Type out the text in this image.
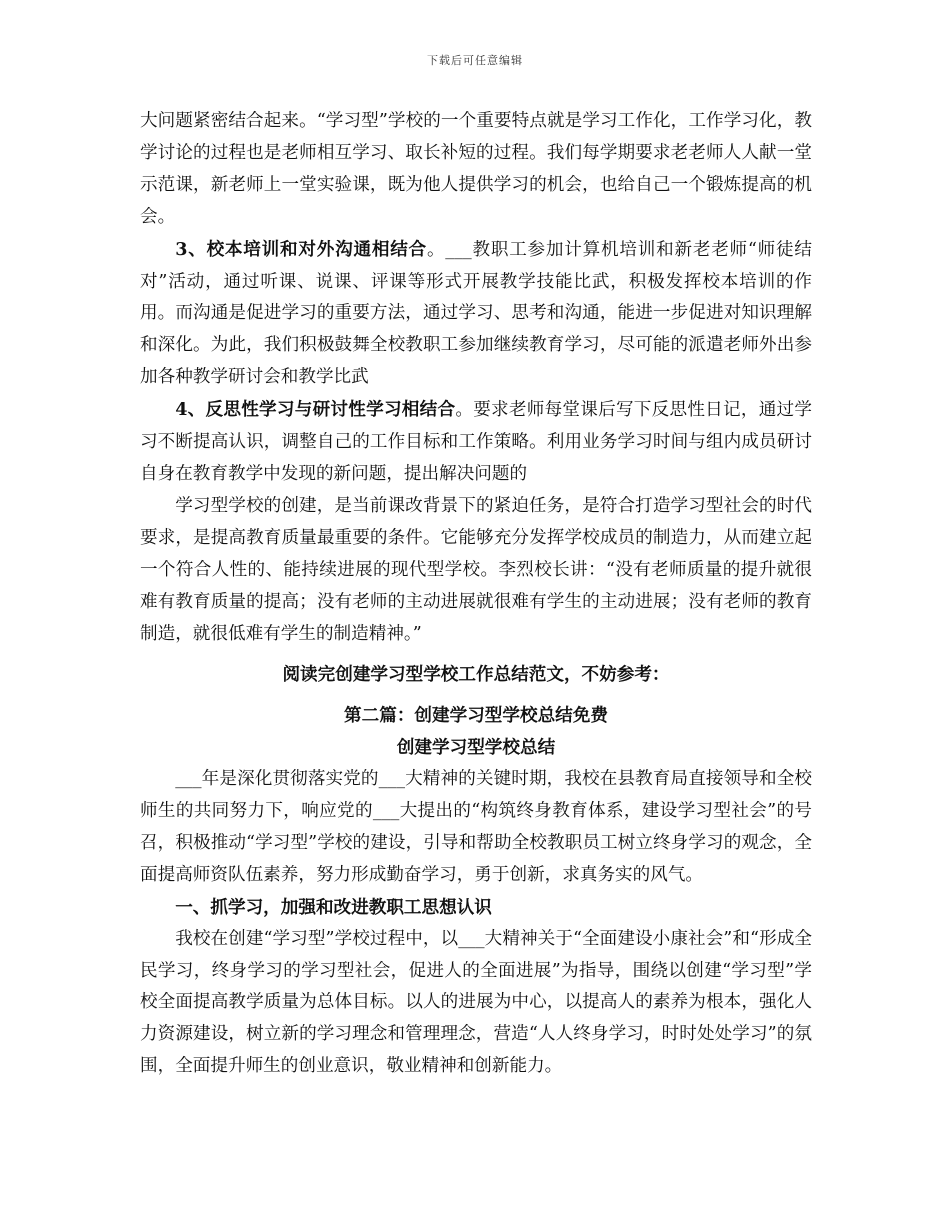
下载后可任意编辑

大问题紧密结合起来。“学习型”学校的一个重要特点就是学习工作化，工作学习化，教学讨论的过程也是老师相互学习、取长补短的过程。我们每学期要求老老师人人献一堂示范课，新老师上一堂实验课，既为他人提供学习的机会，也给自己一个锻炼提高的机会。

3、校本培训和对外沟通相结合。___教职工参加计算机培训和新老老师“师徒结对”活动，通过听课、说课、评课等形式开展教学技能比武，积极发挥校本培训的作用。而沟通是促进学习的重要方法，通过学习、思考和沟通，能进一步促进对知识理解和深化。为此，我们积极鼓舞全校教职工参加继续教育学习，尽可能的派遣老师外出参加各种教学研讨会和教学比武

4、反思性学习与研讨性学习相结合。要求老师每堂课后写下反思性日记，通过学习不断提高认识，调整自己的工作目标和工作策略。利用业务学习时间与组内成员研讨自身在教育教学中发现的新问题，提出解决问题的

学习型学校的创建，是当前课改背景下的紧迫任务，是符合打造学习型社会的时代要求，是提高教育质量最重要的条件。它能够充分发挥学校成员的制造力，从而建立起一个符合人性的、能持续进展的现代型学校。李烈校长讲：“没有老师质量的提升就很难有教育质量的提高；没有老师的主动进展就很难有学生的主动进展；没有老师的教育制造，就很低难有学生的制造精神。”

阅读完创建学习型学校工作总结范文，不妨参考：

第二篇：创建学习型学校总结免费

创建学习型学校总结

___年是深化贯彻落实党的___大精神的关键时期，我校在县教育局直接领导和全校师生的共同努力下，响应党的___大提出的“构筑终身教育体系，建设学习型社会”的号召，积极推动“学习型”学校的建设，引导和帮助全校教职员工树立终身学习的观念，全面提高师资队伍素养，努力形成勤奋学习，勇于创新，求真务实的风气。

一、抓学习，加强和改进教职工思想认识

我校在创建“学习型”学校过程中，以___大精神关于“全面建设小康社会”和“形成全民学习，终身学习的学习型社会，促进人的全面进展”为指导，围绕以创建“学习型”学校全面提高教学质量为总体目标。以人的进展为中心，以提高人的素养为根本，强化人力资源建设，树立新的学习理念和管理理念，营造“人人终身学习，时时处处学习”的氛围，全面提升师生的创业意识，敬业精神和创新能力。
